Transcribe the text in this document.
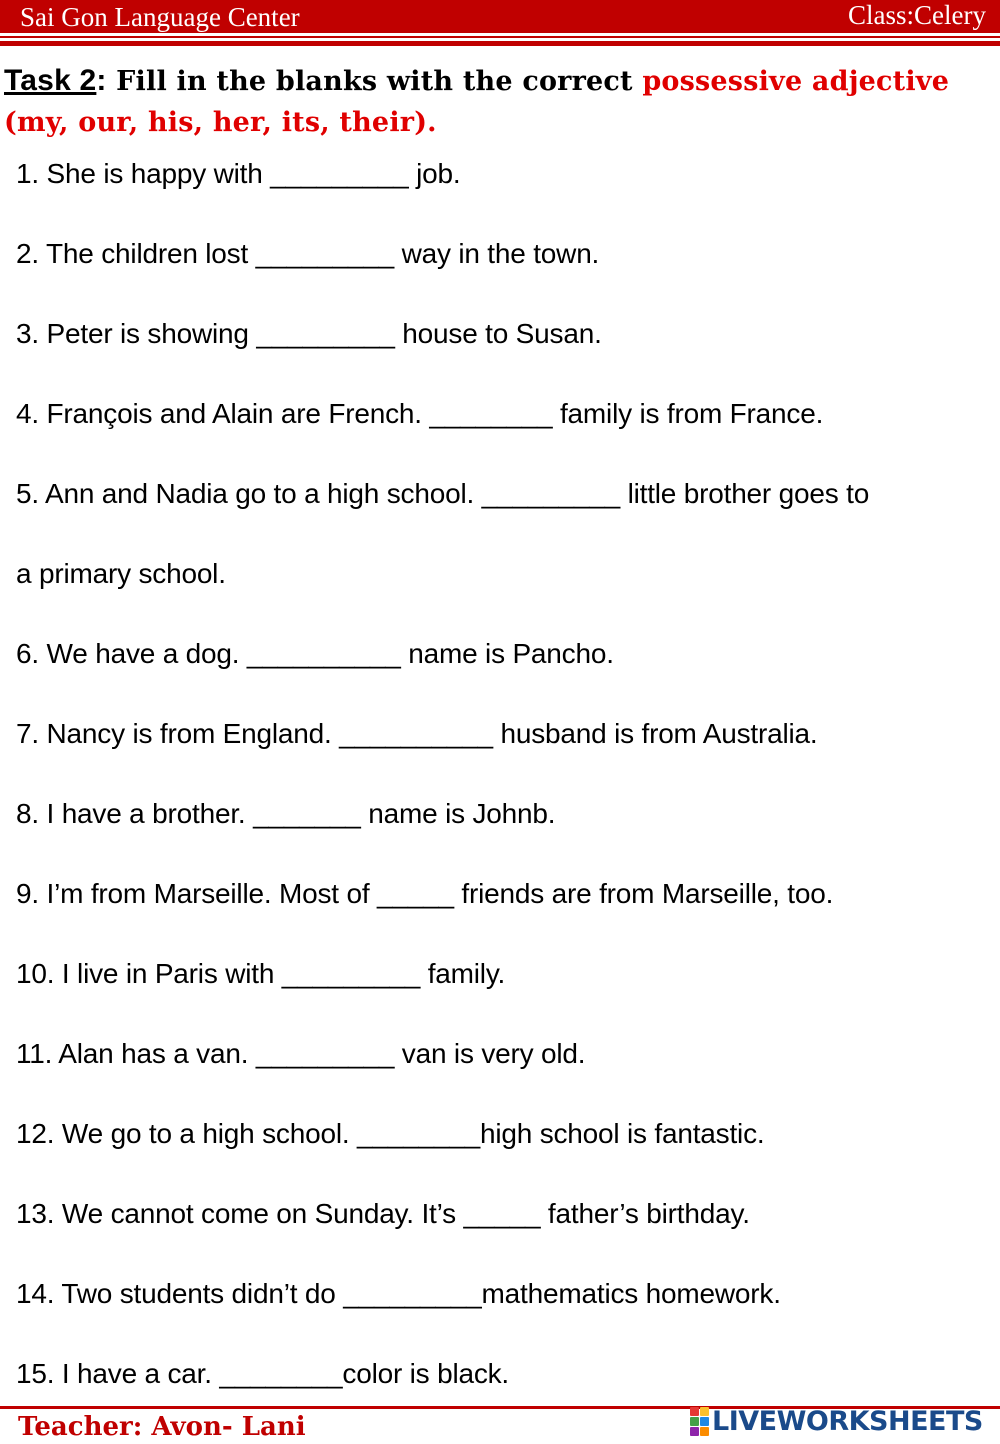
Sai Gon Language Center	Class:Celery
Task 2: Fill in the blanks with the correct possessive adjective (my, our, his, her, its, their).
1. She is happy with _________ job.
2. The children lost _________ way in the town.
3. Peter is showing _________ house to Susan.
4. François and Alain are French. ________ family is from France.
5. Ann and Nadia go to a high school. _________ little brother goes to
a primary school.
6. We have a dog. __________ name is Pancho.
7. Nancy is from England. __________ husband is from Australia.
8. I have a brother. _______ name is Johnb.
9. I’m from Marseille. Most of _____ friends are from Marseille, too.
10. I live in Paris with _________ family.
11. Alan has a van. _________ van is very old.
12. We go to a high school. ________high school is fantastic.
13. We cannot come on Sunday. It’s _____ father’s birthday.
14. Two students didn’t do _________mathematics homework.
15. I have a car. ________color is black.
Teacher: Avon- Lani	LIVEWORKSHEETS
